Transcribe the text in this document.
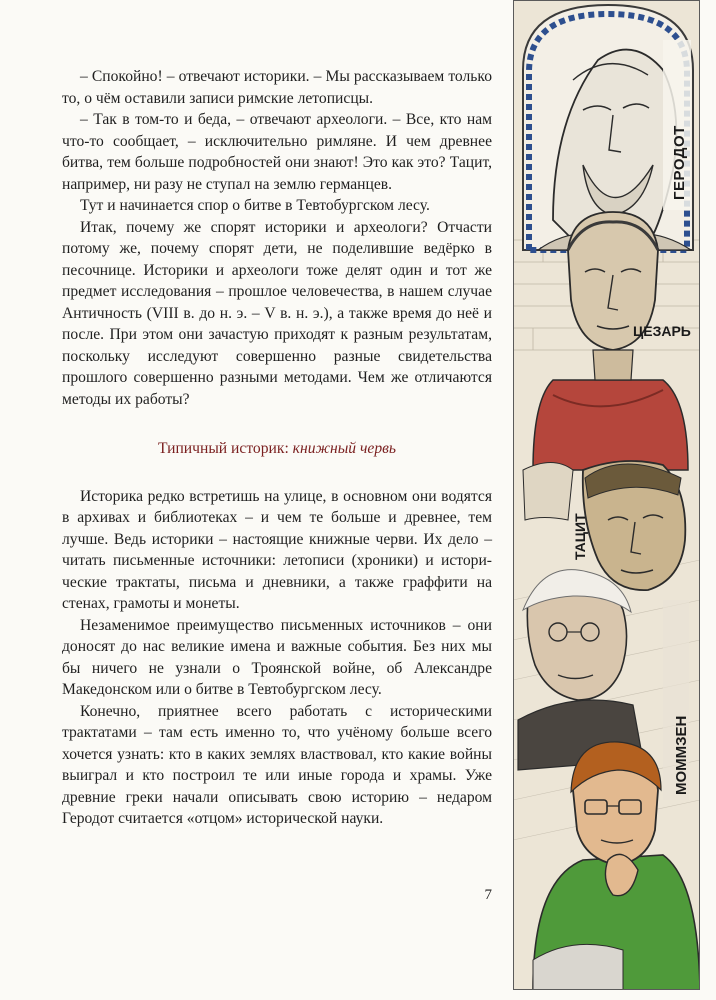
– Спокойно! – отвечают историки. – Мы рассказываем только то, о чём оставили записи римские летописцы.

– Так в том-то и беда, – отвечают археологи. – Все, кто нам что-то сообщает, – исключительно римляне. И чем древнее битва, тем больше подробностей они знают! Это как это? Тацит, например, ни разу не ступал на землю германцев.

Тут и начинается спор о битве в Тевтобургском лесу.

Итак, почему же спорят историки и археологи? Отчасти потому же, почему спорят дети, не поделившие ведёрко в песочнице. Историки и археологи тоже делят один и тот же предмет исследования – прошлое человечества, в нашем случае Античность (VIII в. до н. э. – V в. н. э.), а также время до неё и после. При этом они зачастую приходят к разным результатам, поскольку исследуют совершенно разные свидетельства прошлого совершенно разными методами. Чем же отличаются методы их работы?

Типичный историк: книжный червь

Историка редко встретишь на улице, в основном они водятся в архивах и библиотеках – и чем те больше и древнее, тем лучше. Ведь историки – настоящие книжные черви. Их дело – читать письменные источники: летописи (хроники) и исторические трактаты, письма и дневники, а также граффити на стенах, грамоты и монеты.

Незаменимое преимущество письменных источников – они доносят до нас великие имена и важные события. Без них мы бы ничего не узнали о Троянской войне, об Александре Македонском или о битве в Тевтобургском лесу.

Конечно, приятнее всего работать с историческими трактатами – там есть именно то, что учёному больше всего хочется узнать: кто в каких землях властвовал, кто какие войны выиграл и кто построил те или иные города и храмы. Уже древние греки начали описывать свою историю – недаром Геродот считается «отцом» исторической науки.

7
ГЕРОДОТ
ЦЕЗАРЬ
ТАЦИТ
МОММЗЕН
